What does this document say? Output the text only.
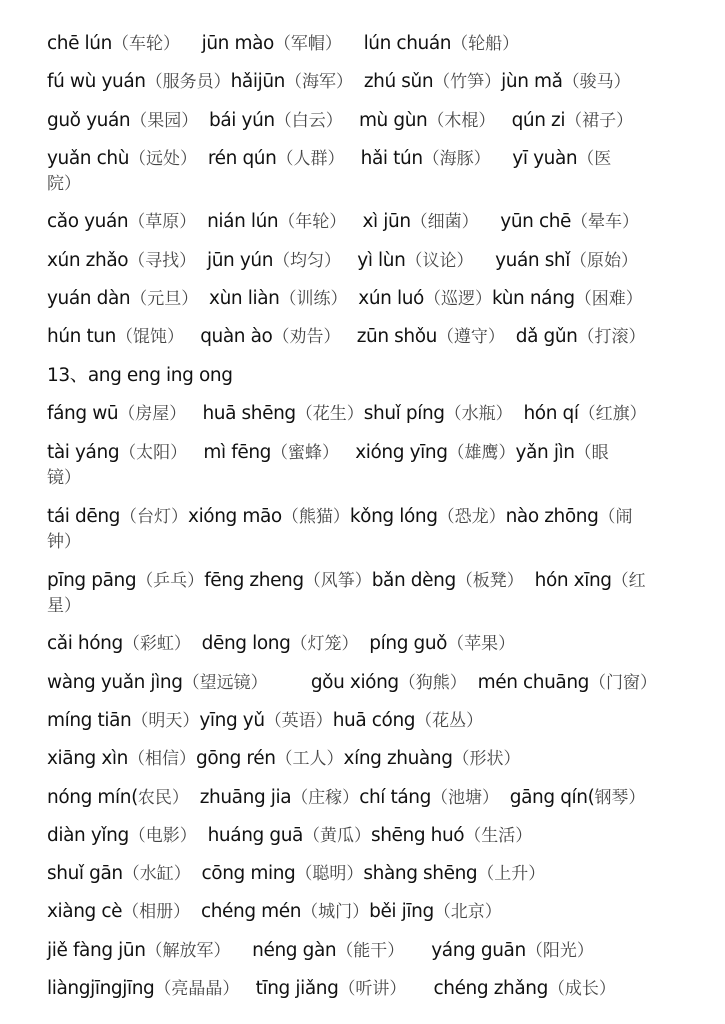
chē lún（车轮）    jūn mào（军帽）    lún chuán（轮船）
fú wù yuán（服务员）hǎijūn（海军）  zhú sǔn（竹笋）jùn mǎ（骏马）
guǒ yuán（果园）  bái yún（白云）   mù gùn（木棍）   qún zi（裙子）
yuǎn chù（远处）  rén qún（人群）   hǎi tún（海豚）    yī yuàn（医
院）
cǎo yuán（草原）  nián lún（年轮）   xì jūn（细菌）    yūn chē（晕车）
xún zhǎo（寻找）  jūn yún（均匀）   yì lùn（议论）    yuán shǐ（原始）
yuán dàn（元旦）  xùn liàn（训练）  xún luó（巡逻）kùn náng（困难）
hún tun（馄饨）   quàn ào（劝告）   zūn shǒu（遵守）  dǎ gǔn（打滚）
13、ang eng ing ong
fáng wū（房屋）   huā shēng（花生）shuǐ píng（水瓶）  hón qí（红旗）
tài yáng（太阳）   mì fēng（蜜蜂）   xióng yīng（雄鹰）yǎn jìn（眼
镜）
tái dēng（台灯）xióng māo（熊猫）kǒng lóng（恐龙）nào zhōng（闹
钟）
pīng pāng（乒乓）fēng zheng（风筝）bǎn dèng（板凳）  hón xīng（红
星）
cǎi hóng（彩虹）  dēng long（灯笼）  píng guǒ（苹果）
wàng yuǎn jìng（望远镜）        gǒu xióng（狗熊）  mén chuāng（门窗）
míng tiān（明天）yīng yǔ（英语）huā cóng（花丛）
xiāng xìn（相信）gōng rén（工人）xíng zhuàng（形状）
nóng mín(农民）  zhuāng jia（庄稼）chí táng（池塘）  gāng qín(钢琴）
diàn yǐng（电影）  huáng guā（黄瓜）shēng huó（生活）
shuǐ gān（水缸）  cōng ming（聪明）shàng shēng（上升）
xiàng cè（相册）  chéng mén（城门）běi jīng（北京）
jiě fàng jūn（解放军）    néng gàn（能干）     yáng guān（阳光）
liàngjīngjīng（亮晶晶）   tīng jiǎng（听讲）     chéng zhǎng（成长）
